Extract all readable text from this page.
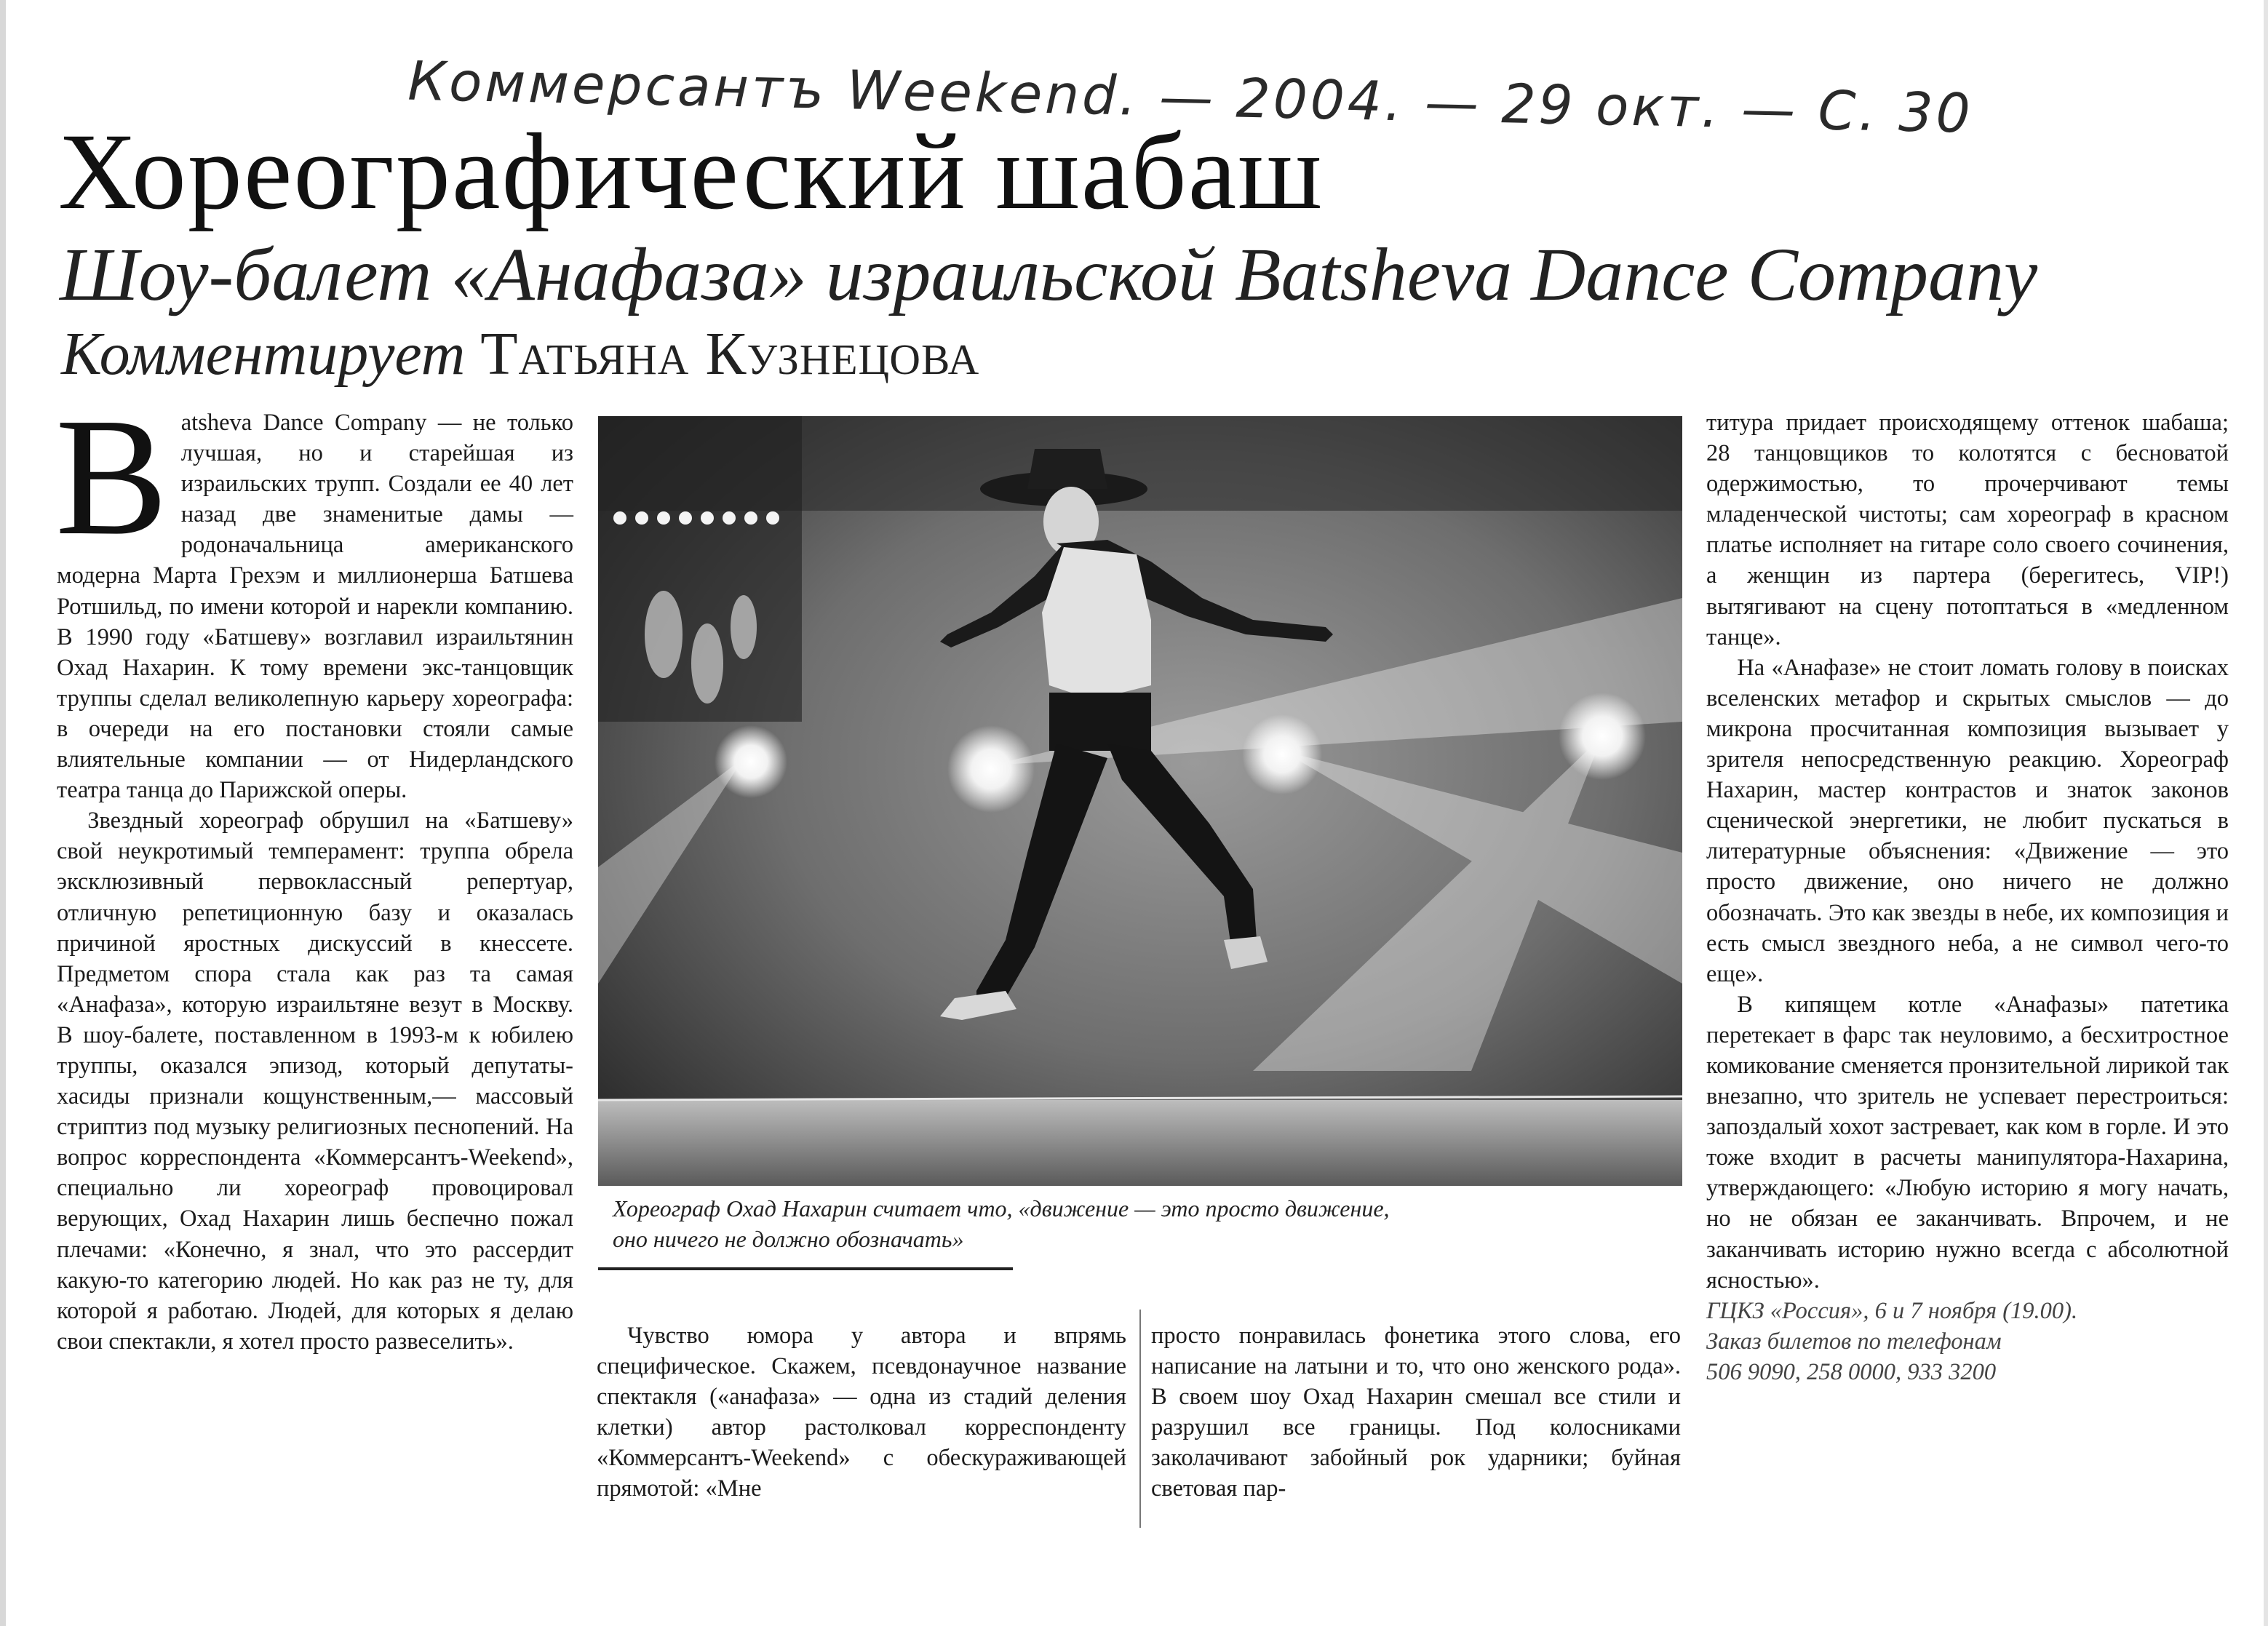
Коммерсантъ Weekend. — 2004. — 29 окт. — С. 30
Хореографический шабаш
Шоу-балет «Анафаза» израильской Batsheva Dance Company
Комментирует Татьяна Кузнецова

Batsheva Dance Company — не только лучшая, но и старейшая из израильских трупп. Создали ее 40 лет назад две знаменитые дамы — родоначальница американского модерна Марта Грехэм и миллионерша Батшева Ротшильд, по имени которой и нарекли компанию. В 1990 году «Батшеву» возглавил израильтянин Охад Нахарин. К тому времени экс-танцовщик труппы сделал великолепную карьеру хореографа: в очереди на его постановки стояли самые влиятельные компании — от Нидерландского театра танца до Парижской оперы.

Звездный хореограф обрушил на «Батшеву» свой неукротимый темперамент: труппа обрела эксклюзивный первоклассный репертуар, отличную репетиционную базу и оказалась причиной яростных дискуссий в кнессете. Предметом спора стала как раз та самая «Анафаза», которую израильтяне везут в Москву. В шоу-балете, поставленном в 1993-м к юбилею труппы, оказался эпизод, который депутаты-хасиды признали кощунственным,— массовый стриптиз под музыку религиозных песнопений. На вопрос корреспондента «Коммерсантъ-Weekend», специально ли хореограф провоцировал верующих, Охад Нахарин лишь беспечно пожал плечами: «Конечно, я знал, что это рассердит какую-то категорию людей. Но как раз не ту, для которой я работаю. Людей, для которых я делаю свои спектакли, я хотел просто развеселить».

Хореограф Охад Нахарин считает что, «движение — это просто движение,
оно ничего не должно обозначать»

Чувство юмора у автора и впрямь специфическое. Скажем, псевдонаучное название спектакля («анафаза» — одна из стадий деления клетки) автор растолковал корреспонденту «Коммерсантъ-Weekend» с обескураживающей прямотой: «Мне

просто понравилась фонетика этого слова, его написание на латыни и то, что оно женского рода». В своем шоу Охад Нахарин смешал все стили и разрушил все границы. Под колосниками заколачивают забойный рок ударники; буйная световая пар-

титура придает происходящему оттенок шабаша; 28 танцовщиков то колотятся с бесноватой одержимостью, то прочерчивают темы младенческой чистоты; сам хореограф в красном платье исполняет на гитаре соло своего сочинения, а женщин из партера (берегитесь, VIP!) вытягивают на сцену потоптаться в «медленном танце».

На «Анафазе» не стоит ломать голову в поисках вселенских метафор и скрытых смыслов — до микрона просчитанная композиция вызывает у зрителя непосредственную реакцию. Хореограф Нахарин, мастер контрастов и знаток законов сценической энергетики, не любит пускаться в литературные объяснения: «Движение — это просто движение, оно ничего не должно обозначать. Это как звезды в небе, их композиция и есть смысл звездного неба, а не символ чего-то еще».

В кипящем котле «Анафазы» патетика перетекает в фарс так неуловимо, а бесхитростное комикование сменяется пронзительной лирикой так внезапно, что зритель не успевает перестроиться: запоздалый хохот застревает, как ком в горле. И это тоже входит в расчеты манипулятора-Нахарина, утверждающего: «Любую историю я могу начать, но не обязан ее заканчивать. Впрочем, и не заканчивать историю нужно всегда с абсолютной ясностью».

ГЦКЗ «Россия», 6 и 7 ноября (19.00).

Заказ билетов по телефонам

506 9090, 258 0000, 933 3200
